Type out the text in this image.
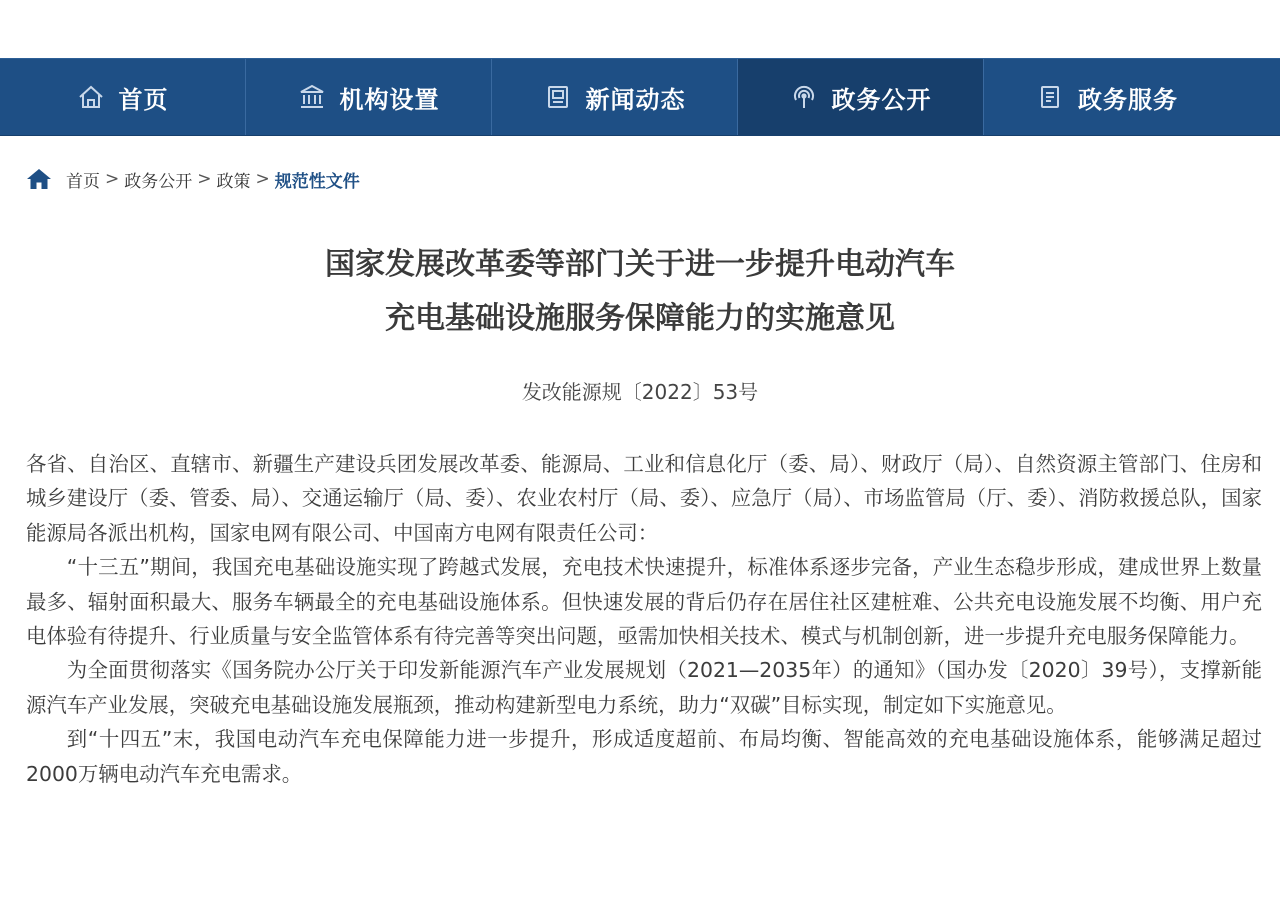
首页	机构设置	新闻动态	政务公开	政务服务
首页 > 政务公开 > 政策 > 规范性文件
国家发展改革委等部门关于进一步提升电动汽车
充电基础设施服务保障能力的实施意见
发改能源规〔2022〕53号

各省、自治区、直辖市、新疆生产建设兵团发展改革委、能源局、工业和信息化厅（委、局）、财政厅（局）、自然资源主管部门、住房和城乡建设厅（委、管委、局）、交通运输厅（局、委）、农业农村厅（局、委）、应急厅（局）、市场监管局（厅、委）、消防救援总队，国家能源局各派出机构，国家电网有限公司、中国南方电网有限责任公司：

“十三五”期间，我国充电基础设施实现了跨越式发展，充电技术快速提升，标准体系逐步完备，产业生态稳步形成，建成世界上数量最多、辐射面积最大、服务车辆最全的充电基础设施体系。但快速发展的背后仍存在居住社区建桩难、公共充电设施发展不均衡、用户充电体验有待提升、行业质量与安全监管体系有待完善等突出问题，亟需加快相关技术、模式与机制创新，进一步提升充电服务保障能力。

为全面贯彻落实《国务院办公厅关于印发新能源汽车产业发展规划（2021—2035年）的通知》（国办发〔2020〕39号），支撑新能源汽车产业发展，突破充电基础设施发展瓶颈，推动构建新型电力系统，助力“双碳”目标实现，制定如下实施意见。

到“十四五”末，我国电动汽车充电保障能力进一步提升，形成适度超前、布局均衡、智能高效的充电基础设施体系，能够满足超过2000万辆电动汽车充电需求。
